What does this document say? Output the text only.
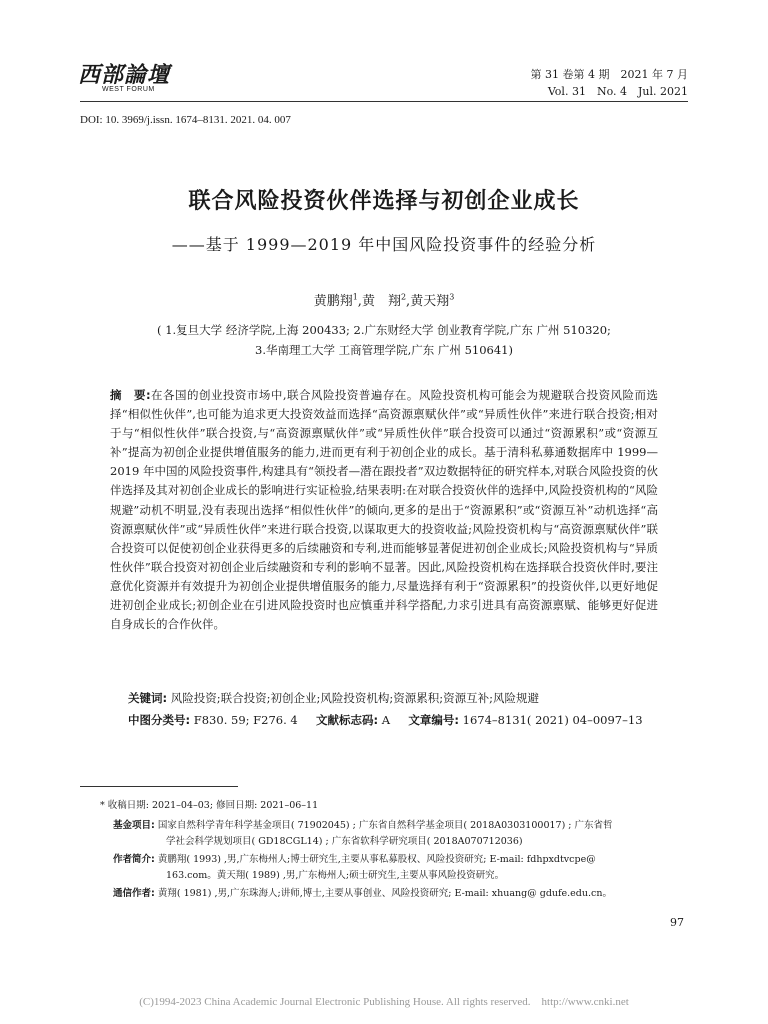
西部論壇
WEST FORUM
第 31 卷第 4 期　2021 年 7 月
Vol. 31　No. 4　Jul. 2021
DOI: 10. 3969/j.issn. 1674–8131. 2021. 04. 007
联合风险投资伙伴选择与初创企业成长
——基于 1999—2019 年中国风险投资事件的经验分析
黄鹏翔$^1$,黄　翔$^2$,黄天翔$^3$
( 1.复旦大学 经济学院,上海 200433; 2.广东财经大学 创业教育学院,广东 广州 510320;
3.华南理工大学 工商管理学院,广东 广州 510641)
摘　要:在各国的创业投资市场中,联合风险投资普遍存在。风险投资机构可能会为规避联合投资风险而选择“相似性伙伴”,也可能为追求更大投资效益而选择“高资源禀赋伙伴”或“异质性伙伴”来进行联合投资;相对于与“相似性伙伴”联合投资,与“高资源禀赋伙伴”或“异质性伙伴”联合投资可以通过“资源累积”或“资源互补”提高为初创企业提供增值服务的能力,进而更有利于初创企业的成长。基于清科私募通数据库中 1999—2019 年中国的风险投资事件,构建具有“领投者—潜在跟投者”双边数据特征的研究样本,对联合风险投资的伙伴选择及其对初创企业成长的影响进行实证检验,结果表明:在对联合投资伙伴的选择中,风险投资机构的“风险规避”动机不明显,没有表现出选择“相似性伙伴”的倾向,更多的是出于“资源累积”或“资源互补”动机选择“高资源禀赋伙伴”或“异质性伙伴”来进行联合投资,以谋取更大的投资收益;风险投资机构与“高资源禀赋伙伴”联合投资可以促使初创企业获得更多的后续融资和专利,进而能够显著促进初创企业成长;风险投资机构与“异质性伙伴”联合投资对初创企业后续融资和专利的影响不显著。因此,风险投资机构在选择联合投资伙伴时,要注意优化资源并有效提升为初创企业提供增值服务的能力,尽量选择有利于“资源累积”的投资伙伴,以更好地促进初创企业成长;初创企业在引进风险投资时也应慎重并科学搭配,力求引进具有高资源禀赋、能够更好促进自身成长的合作伙伴。
关键词: 风险投资;联合投资;初创企业;风险投资机构;资源累积;资源互补;风险规避
中图分类号: F830. 59; F276. 4 文献标志码: A 文章编号: 1674–8131( 2021) 04–0097–13
* 收稿日期: 2021–04–03; 修回日期: 2021–06–11
基金项目: 国家自然科学青年科学基金项目( 71902045) ; 广东省自然科学基金项目( 2018A0303100017) ; 广东省哲
学社会科学规划项目( GD18CGL14) ; 广东省软科学研究项目( 2018A070712036)
作者简介: 黄鹏翔( 1993) ,男,广东梅州人;博士研究生,主要从事私募股权、风险投资研究; E-mail: fdhpxdtvcpe@
163.com。黄天翔( 1989) ,男,广东梅州人;硕士研究生,主要从事风险投资研究。
通信作者: 黄翔( 1981) ,男,广东珠海人;讲师,博士,主要从事创业、风险投资研究; E-mail: xhuang@ gdufe.edu.cn。
97
(C)1994-2023 China Academic Journal Electronic Publishing House. All rights reserved.　http://www.cnki.net
